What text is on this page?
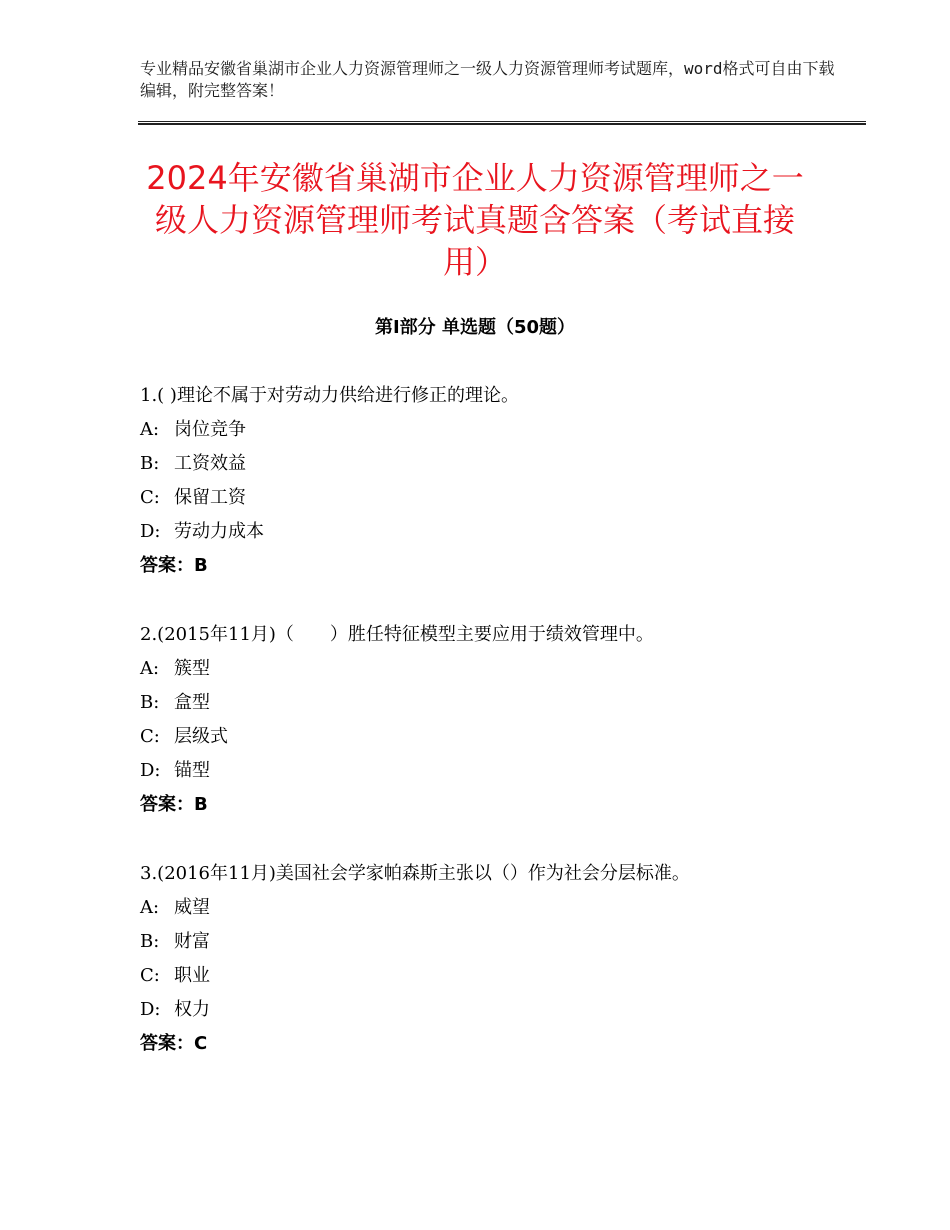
专业精品安徽省巢湖市企业人力资源管理师之一级人力资源管理师考试题库，word格式可自由下载编辑，附完整答案！
2024年安徽省巢湖市企业人力资源管理师之一级人力资源管理师考试真题含答案（考试直接用）
第Ⅰ部分 单选题（50题）
1.( )理论不属于对劳动力供给进行修正的理论。
A: 岗位竞争
B: 工资效益
C: 保留工资
D: 劳动力成本
答案：B
2.(2015年11月)（　　）胜任特征模型主要应用于绩效管理中。
A: 簇型
B: 盒型
C: 层级式
D: 锚型
答案：B
3.(2016年11月)美国社会学家帕森斯主张以（）作为社会分层标准。
A: 威望
B: 财富
C: 职业
D: 权力
答案：C
